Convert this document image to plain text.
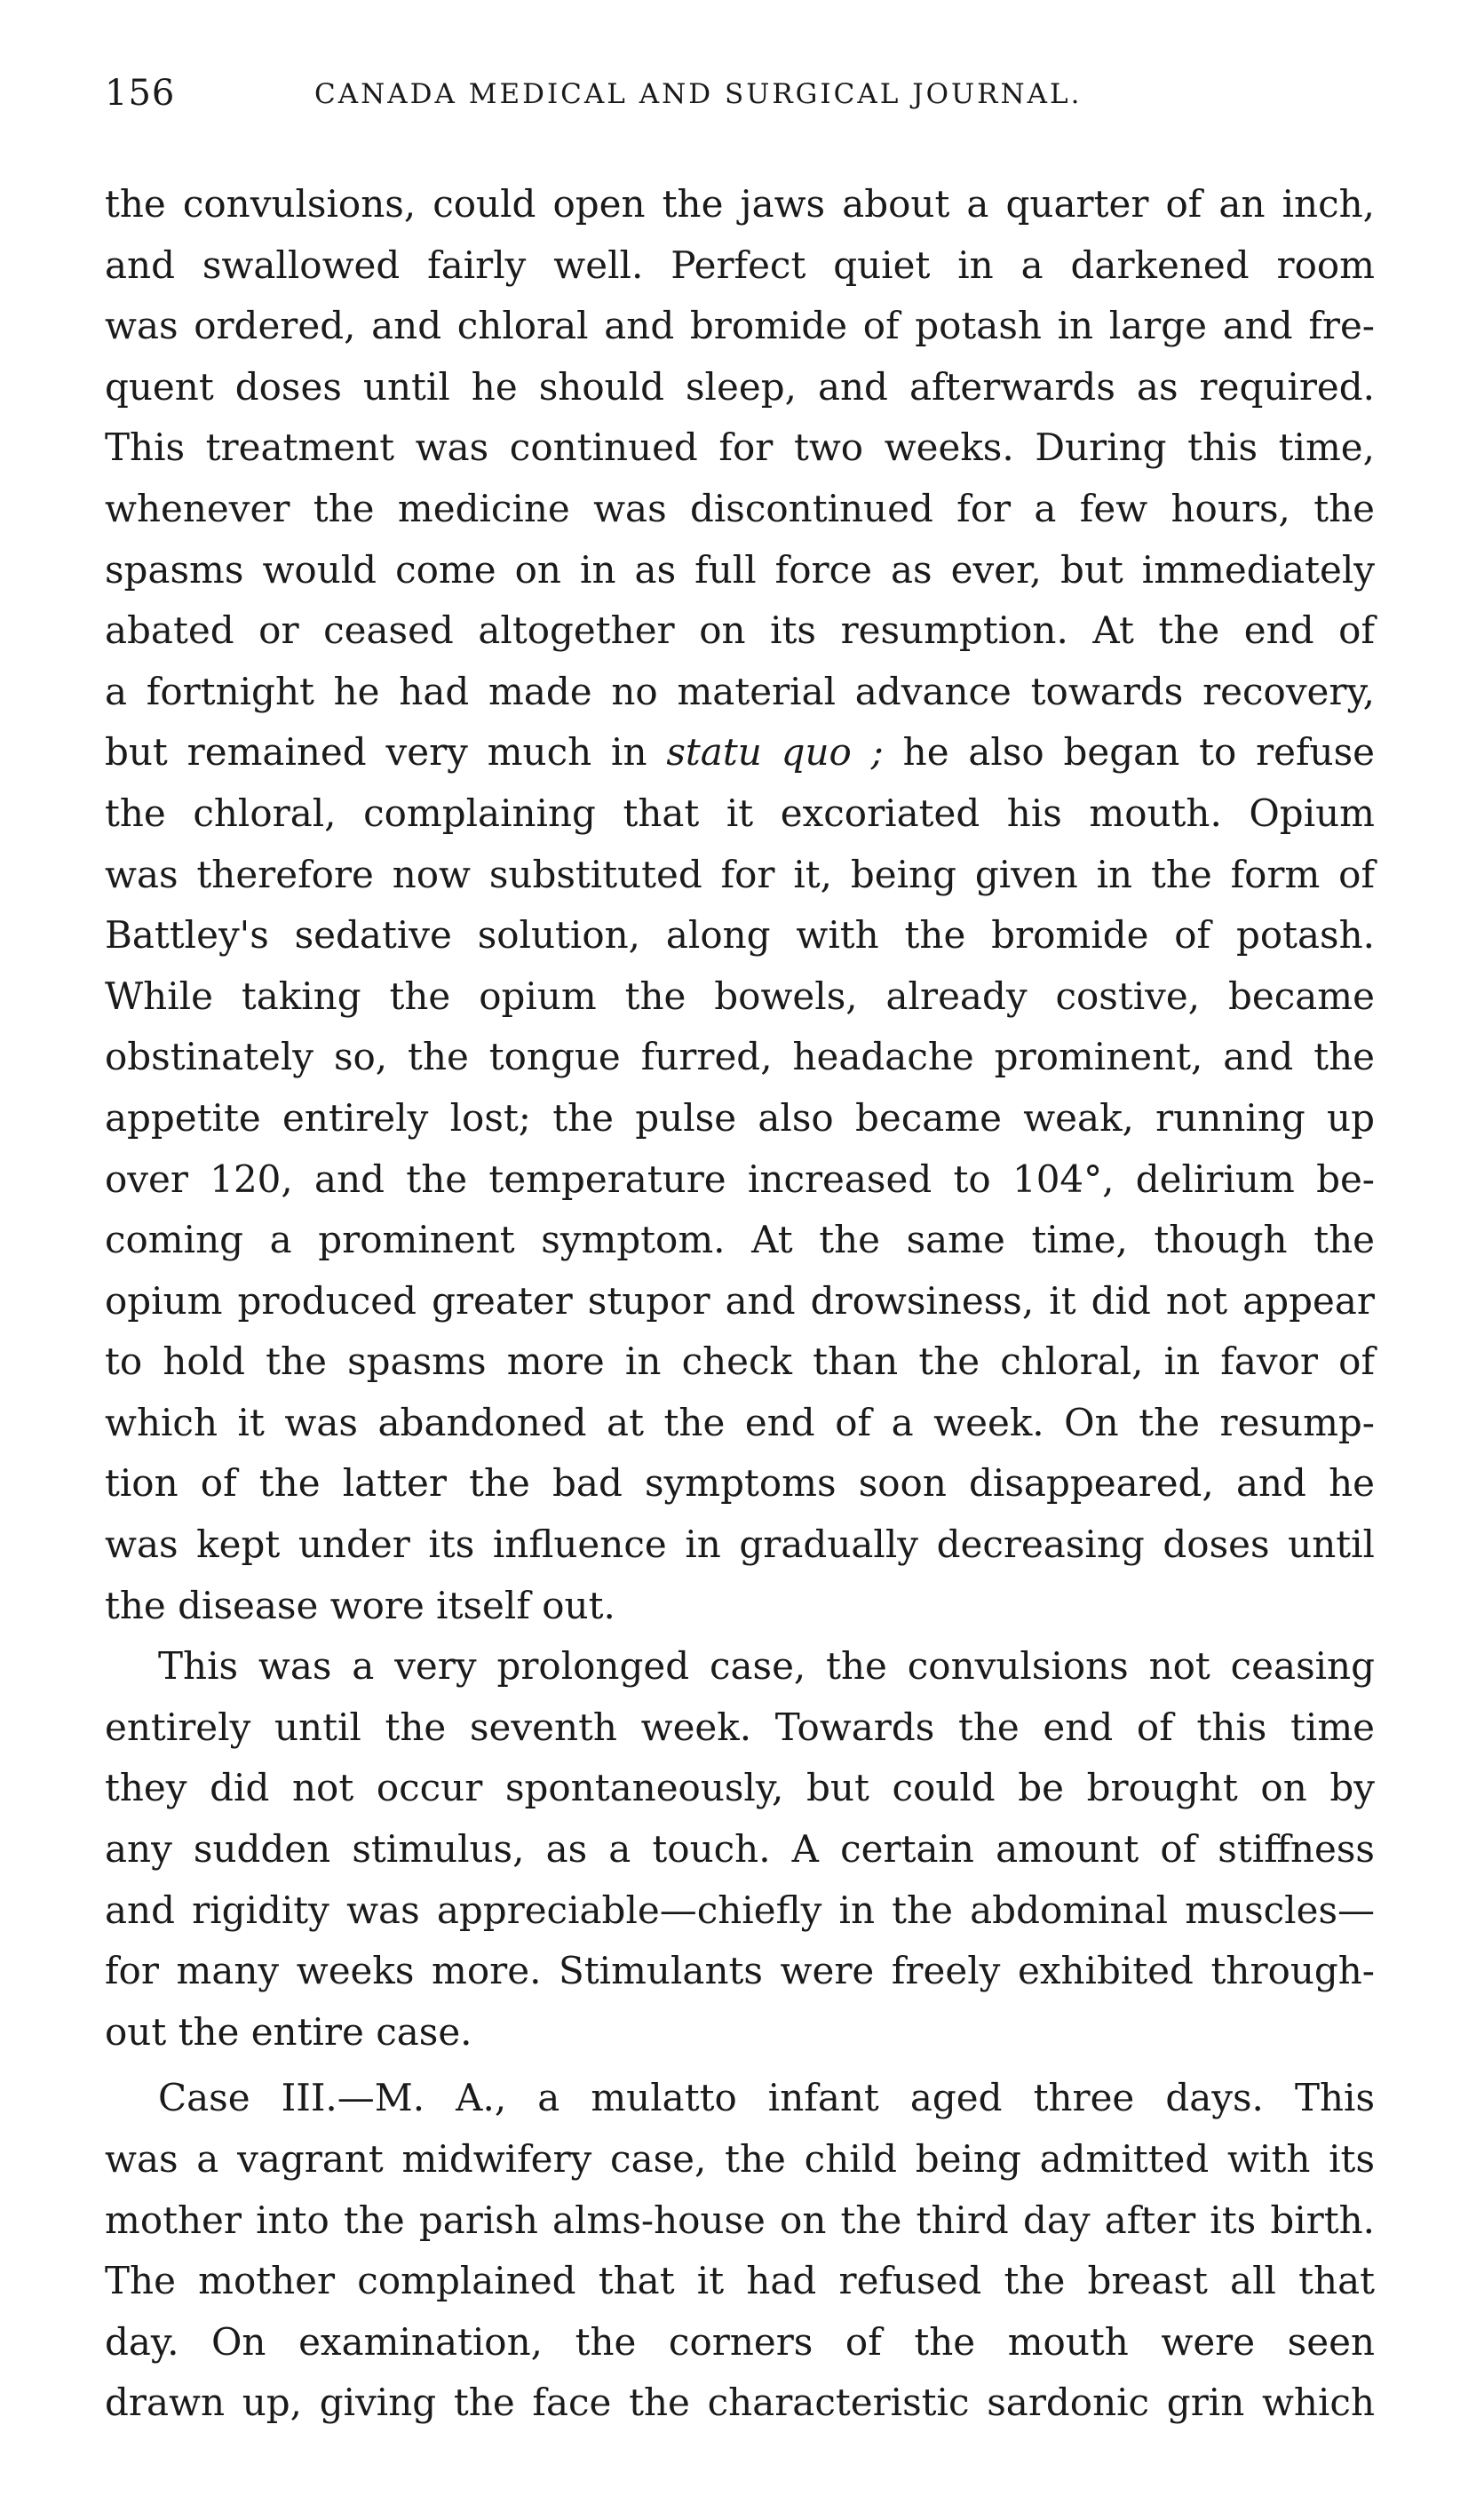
156	CANADA MEDICAL AND SURGICAL JOURNAL.
the convulsions, could open the jaws about a quarter of an inch,
and swallowed fairly well. Perfect quiet in a darkened room
was ordered, and chloral and bromide of potash in large and fre-
quent doses until he should sleep, and afterwards as required.
This treatment was continued for two weeks. During this time,
whenever the medicine was discontinued for a few hours, the
spasms would come on in as full force as ever, but immediately
abated or ceased altogether on its resumption. At the end of
a fortnight he had made no material advance towards recovery,
but remained very much in statu quo ; he also began to refuse
the chloral, complaining that it excoriated his mouth. Opium
was therefore now substituted for it, being given in the form of
Battley's sedative solution, along with the bromide of potash.
While taking the opium the bowels, already costive, became
obstinately so, the tongue furred, headache prominent, and the
appetite entirely lost; the pulse also became weak, running up
over 120, and the temperature increased to 104°, delirium be-
coming a prominent symptom. At the same time, though the
opium produced greater stupor and drowsiness, it did not appear
to hold the spasms more in check than the chloral, in favor of
which it was abandoned at the end of a week. On the resump-
tion of the latter the bad symptoms soon disappeared, and he
was kept under its influence in gradually decreasing doses until
the disease wore itself out.
This was a very prolonged case, the convulsions not ceasing
entirely until the seventh week. Towards the end of this time
they did not occur spontaneously, but could be brought on by
any sudden stimulus, as a touch. A certain amount of stiffness
and rigidity was appreciable—chiefly in the abdominal muscles—
for many weeks more. Stimulants were freely exhibited through-
out the entire case.
Case III.—M. A., a mulatto infant aged three days. This
was a vagrant midwifery case, the child being admitted with its
mother into the parish alms-house on the third day after its birth.
The mother complained that it had refused the breast all that
day. On examination, the corners of the mouth were seen
drawn up, giving the face the characteristic sardonic grin which
